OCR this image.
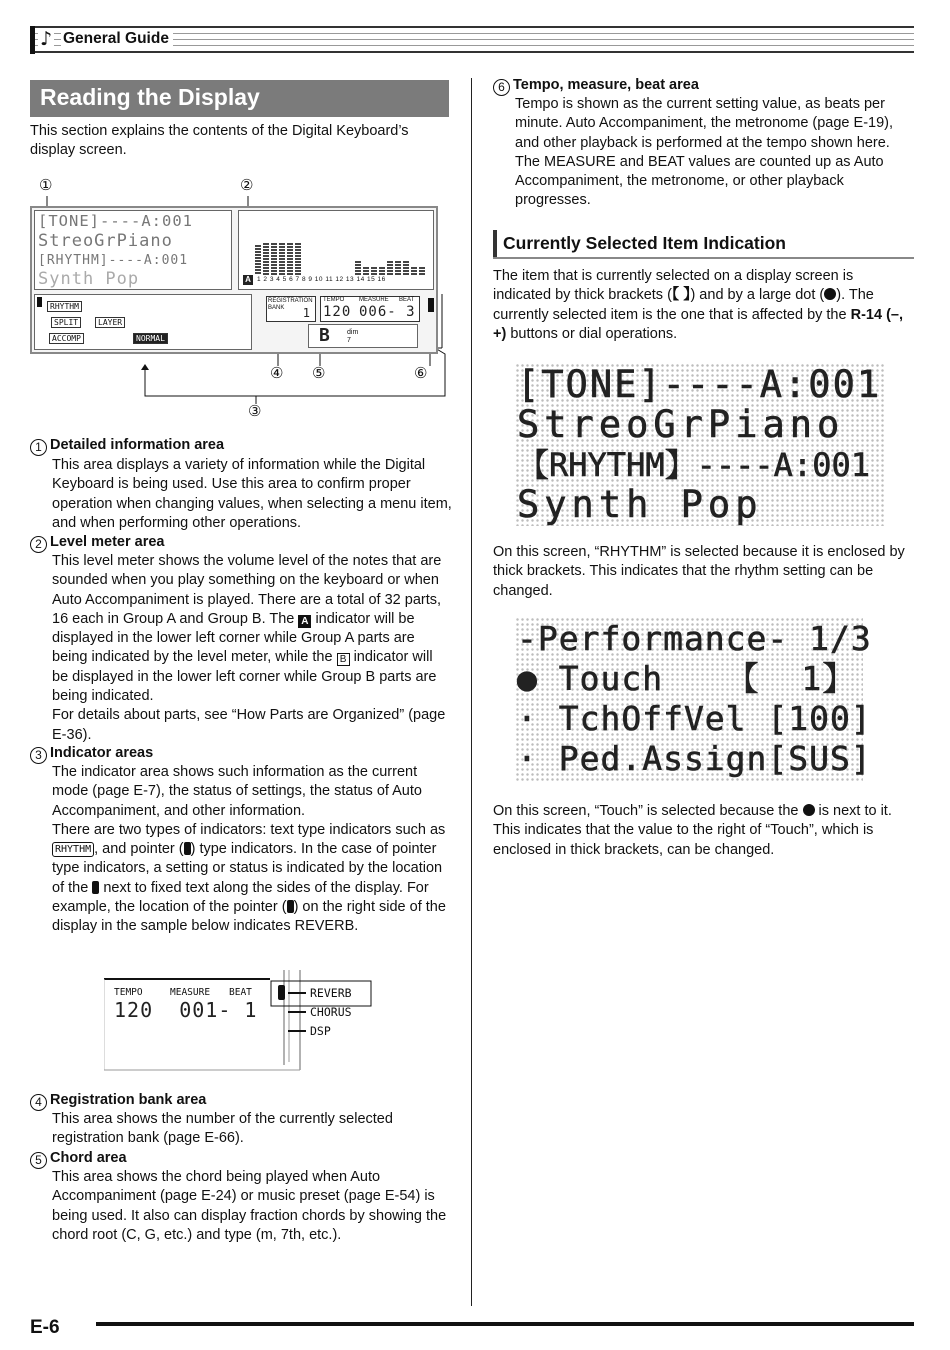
♪ General Guide
Reading the Display
This section explains the contents of the Digital Keyboard’s display screen.
①	②
[TONE]----A:001
StreoGrPiano
[RHYTHM]----A:001
Synth Pop	A 1 2 3 4 5 6 7 8 9 10 11 12 13 14 15 16
RHYTHM
SPLIT	LAYER
ACCOMP	NORMAL
REGISTRATION BANK	1
TEMPO MEASURE BEAT
120 006- 3
B dim 7
④ ⑤	⑥
③
1 Detailed information area
This area displays a variety of information while the Digital Keyboard is being used. Use this area to confirm proper operation when changing values, when selecting a menu item, and when performing other operations.
2 Level meter area
This level meter shows the volume level of the notes that are sounded when you play something on the keyboard or when Auto Accompaniment is played. There are a total of 32 parts, 16 each in Group A and Group B. The A indicator will be displayed in the lower left corner while Group A parts are being indicated by the level meter, while the B indicator will be displayed in the lower left corner while Group B parts are being indicated.
For details about parts, see “How Parts are Organized” (page E-36).
3 Indicator areas
The indicator area shows such information as the current mode (page E-7), the status of settings, the status of Auto Accompaniment, and other information.
There are two types of indicators: text type indicators such as RHYTHM , and pointer ( ) type indicators. In the case of pointer type indicators, a setting or status is indicated by the location of the next to fixed text along the sides of the display. For example, the location of the pointer ( ) on the right side of the display in the sample below indicates REVERB.
TEMPO	MEASURE BEAT
120  001- 1
REVERB
CHORUS
DSP
4 Registration bank area
This area shows the number of the currently selected registration bank (page E-66).
5 Chord area
This area shows the chord being played when Auto Accompaniment (page E-24) or music preset (page E-54) is being used. It also can display fraction chords by showing the chord root (C, G, etc.) and type (m, 7th, etc.).
6 Tempo, measure, beat area
Tempo is shown as the current setting value, as beats per minute. Auto Accompaniment, the metronome (page E-19), and other playback is performed at the tempo shown here. The MEASURE and BEAT values are counted up as Auto Accompaniment, the metronome, or other playback progresses.
Currently Selected Item Indication
The item that is currently selected on a display screen is indicated by thick brackets (【 】) and by a large dot ( ). The currently selected item is the one that is affected by the R-14 (–, +) buttons or dial operations.
[TONE]----A:001
StreoGrPiano
【RHYTHM】----A:001
Synth Pop
On this screen, “RHYTHM” is selected because it is enclosed by thick brackets. This indicates that the rhythm setting can be changed.
-Performance- 1/3
● Touch   【  1】
· TchOffVel [100]
· Ped.Assign[SUS]
On this screen, “Touch” is selected because the is next to it. This indicates that the value to the right of “Touch”, which is enclosed in thick brackets, can be changed.
E-6
